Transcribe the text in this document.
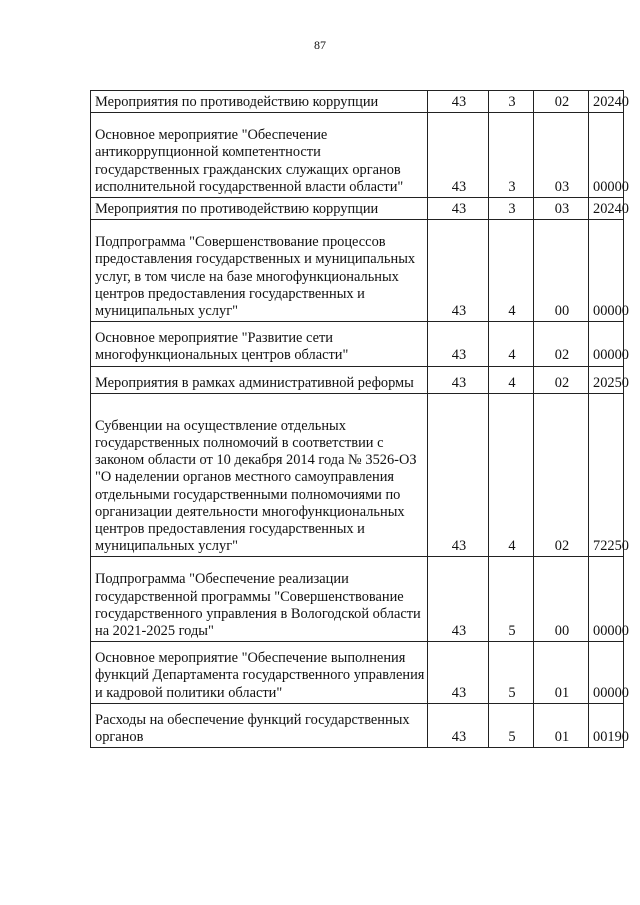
87
Мероприятия по противодействию коррупции	43	3	02	20240
Основное мероприятие "Обеспечение антикоррупционной компетентности государственных гражданских служащих органов исполнительной государственной власти области"	43	3	03	00000
Мероприятия по противодействию коррупции	43	3	03	20240
Подпрограмма "Совершенствование процессов предоставления государственных и муниципальных услуг, в том числе на базе многофункциональных центров предоставления государственных и муниципальных услуг"	43	4	00	00000
Основное мероприятие "Развитие сети многофункциональных центров области"	43	4	02	00000
Мероприятия в рамках административной реформы	43	4	02	20250
Субвенции на осуществление отдельных государственных полномочий в соответствии с законом области от 10 декабря 2014 года № 3526-ОЗ "О наделении органов местного самоуправления отдельными государственными полномочиями по организации деятельности многофункциональных центров предоставления государственных и муниципальных услуг"	43	4	02	72250
Подпрограмма "Обеспечение реализации государственной программы "Совершенствование государственного управления в Вологодской области на 2021-2025 годы"	43	5	00	00000
Основное мероприятие "Обеспечение выполнения функций Департамента государственного управления и кадровой политики области"	43	5	01	00000
Расходы на обеспечение функций государственных органов	43	5	01	00190
